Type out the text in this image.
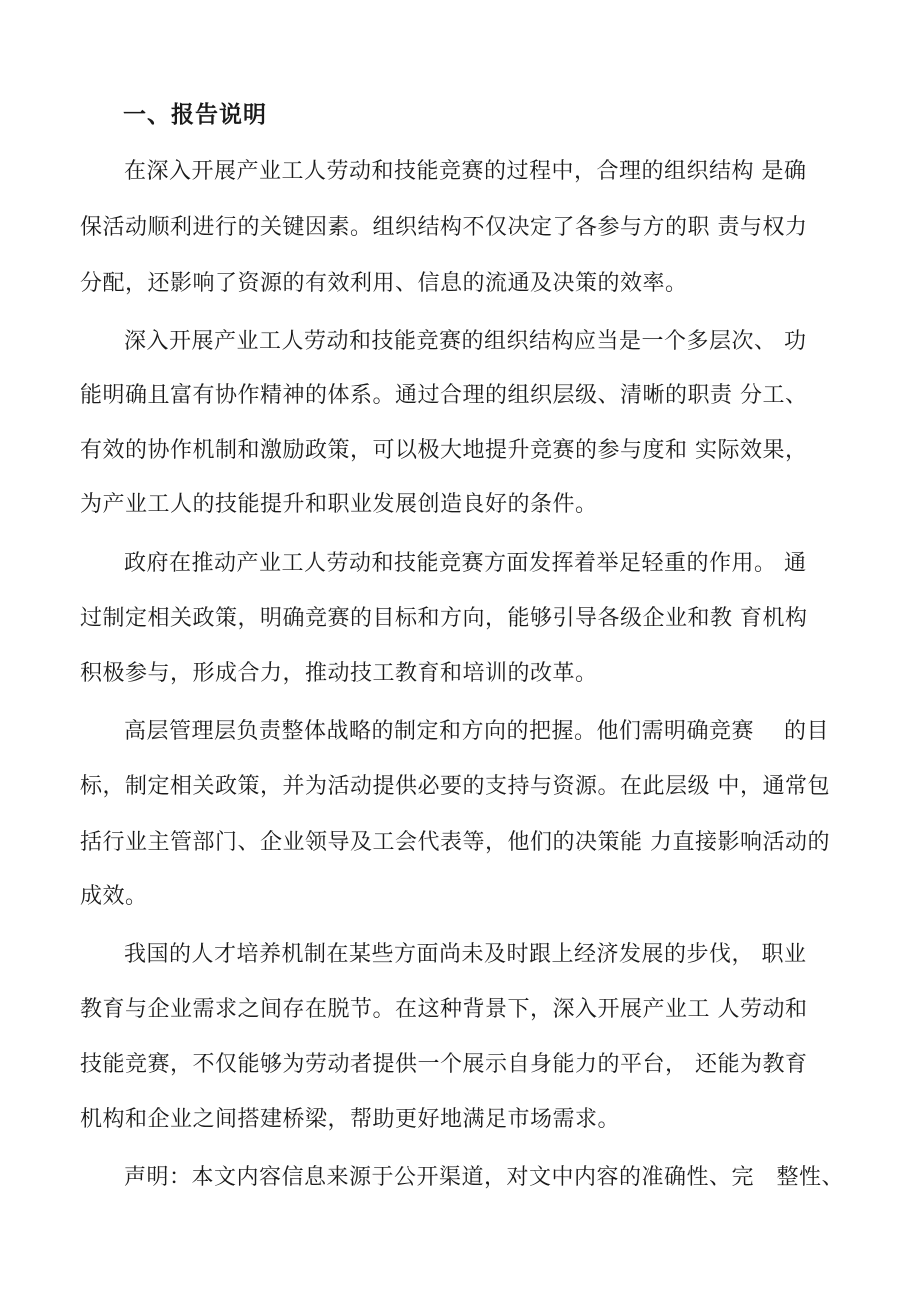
一、报告说明
在深入开展产业工人劳动和技能竞赛的过程中，合理的组织结构 是确
保活动顺利进行的关键因素。组织结构不仅决定了各参与方的职 责与权力
分配，还影响了资源的有效利用、信息的流通及决策的效率。
深入开展产业工人劳动和技能竞赛的组织结构应当是一个多层次、 功
能明确且富有协作精神的体系。通过合理的组织层级、清晰的职责 分工、
有效的协作机制和激励政策，可以极大地提升竞赛的参与度和 实际效果，
为产业工人的技能提升和职业发展创造良好的条件。
政府在推动产业工人劳动和技能竞赛方面发挥着举足轻重的作用。 通
过制定相关政策，明确竞赛的目标和方向，能够引导各级企业和教 育机构
积极参与，形成合力，推动技工教育和培训的改革。
高层管理层负责整体战略的制定和方向的把握。他们需明确竞赛　 的目
标，制定相关政策，并为活动提供必要的支持与资源。在此层级 中，通常包
括行业主管部门、企业领导及工会代表等，他们的决策能 力直接影响活动的
成效。
我国的人才培养机制在某些方面尚未及时跟上经济发展的步伐， 职业
教育与企业需求之间存在脱节。在这种背景下，深入开展产业工 人劳动和
技能竞赛，不仅能够为劳动者提供一个展示自身能力的平台， 还能为教育
机构和企业之间搭建桥梁，帮助更好地满足市场需求。
声明：本文内容信息来源于公开渠道，对文中内容的准确性、完　整性、
